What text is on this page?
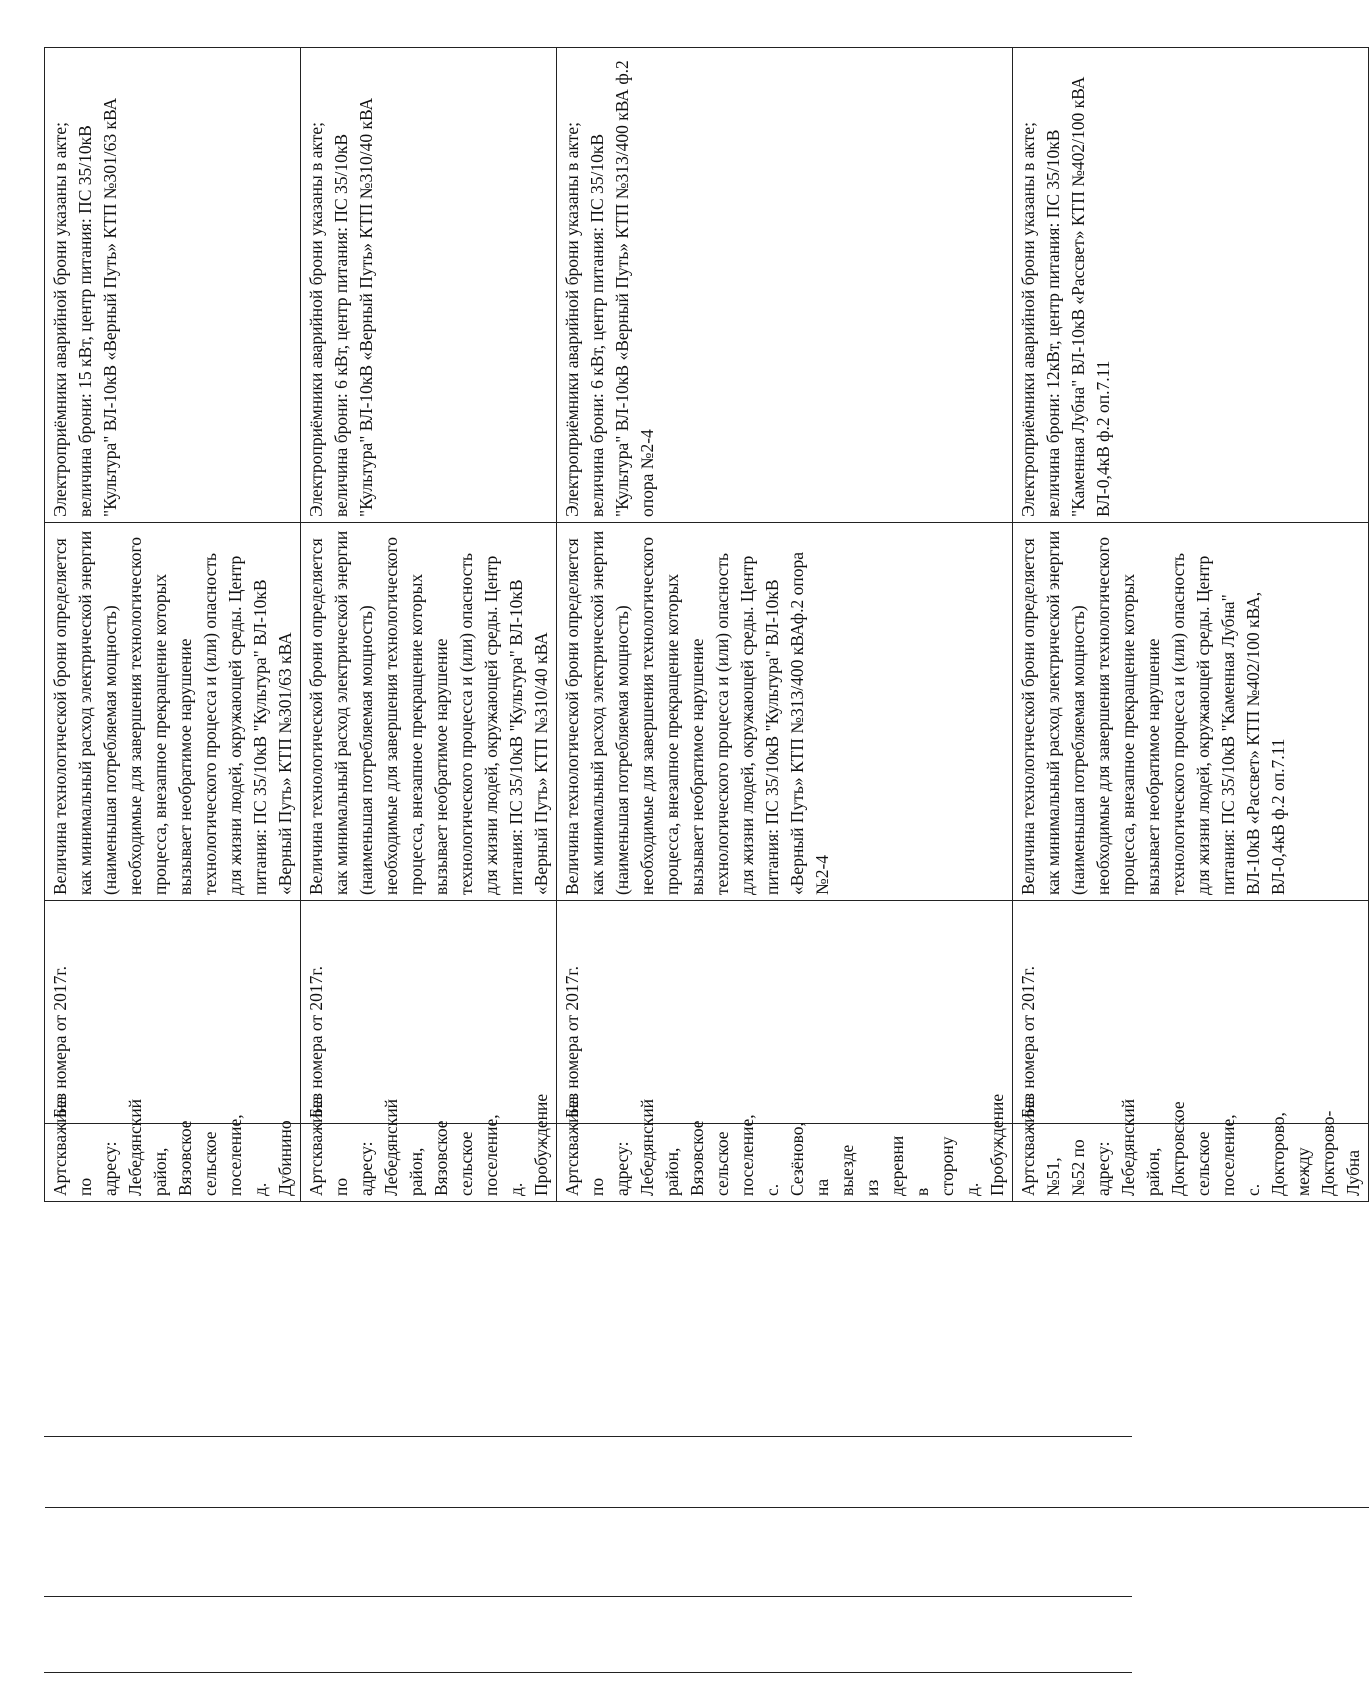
	Артскважина по адресу: Лебедянский район, Вязовское сельское поселение, д. Дубинино	Без номера от 2017г.	Величина технологической брони определяется как минимальный расход электрической энергии (наименьшая потребляемая мощность) необходимые для завершения технологического процесса, внезапное прекращение которых вызывает необратимое нарушение технологического процесса и (или) опасность для жизни людей, окружающей среды. Центр питания: ПС 35/10кВ "Культура" ВЛ-10кВ «Верный Путь» КТП №301/63 кВА	Электроприёмники аварийной брони указаны в акте; величина брони: 15 кВт, центр питания: ПС 35/10кВ "Культура" ВЛ-10кВ «Верный Путь» КТП №301/63 кВА
	Артскважина по адресу: Лебедянский район, Вязовское сельское поселение, д. Пробуждение	Без номера от 2017г.	Величина технологической брони определяется как минимальный расход электрической энергии (наименьшая потребляемая мощность) необходимые для завершения технологического процесса, внезапное прекращение которых вызывает необратимое нарушение технологического процесса и (или) опасность для жизни людей, окружающей среды. Центр питания: ПС 35/10кВ "Культура" ВЛ-10кВ «Верный Путь» КТП №310/40 кВА	Электроприёмники аварийной брони указаны в акте; величина брони: 6 кВт, центр питания: ПС 35/10кВ "Культура" ВЛ-10кВ «Верный Путь» КТП №310/40 кВА
	Артскважина по адресу: Лебедянский район, Вязовское сельское поселение, с. Сезёново, на выезде из деревни в сторону д. Пробуждение	Без номера от 2017г.	Величина технологической брони определяется как минимальный расход электрической энергии (наименьшая потребляемая мощность) необходимые для завершения технологического процесса, внезапное прекращение которых вызывает необратимое нарушение технологического процесса и (или) опасность для жизни людей, окружающей среды. Центр питания: ПС 35/10кВ "Культура" ВЛ-10кВ «Верный Путь» КТП №313/400 кВАф.2 опора №2-4	Электроприёмники аварийной брони указаны в акте; величина брони: 6 кВт, центр питания: ПС 35/10кВ "Культура" ВЛ-10кВ «Верный Путь» КТП №313/400 кВА ф.2 опора №2-4
	Артскважина №51, №52 по адресу: Лебедянский район, Доктровское сельское поселение, с. Докторово, между Докторово-Лубна	Без номера от 2017г.	Величина технологической брони определяется как минимальный расход электрической энергии (наименьшая потребляемая мощность) необходимые для завершения технологического процесса, внезапное прекращение которых вызывает необратимое нарушение технологического процесса и (или) опасность для жизни людей, окружающей среды. Центр питания: ПС 35/10кВ "Каменная Лубна" ВЛ-10кВ «Рассвет» КТП №402/100 кВА, ВЛ-0,4кВ ф.2 оп.7.11	Электроприёмники аварийной брони указаны в акте; величина брони: 12кВт, центр питания: ПС 35/10кВ "Каменная Лубна" ВЛ-10кВ «Рассвет» КТП №402/100 кВА ВЛ-0,4кВ ф.2 оп.7.11
